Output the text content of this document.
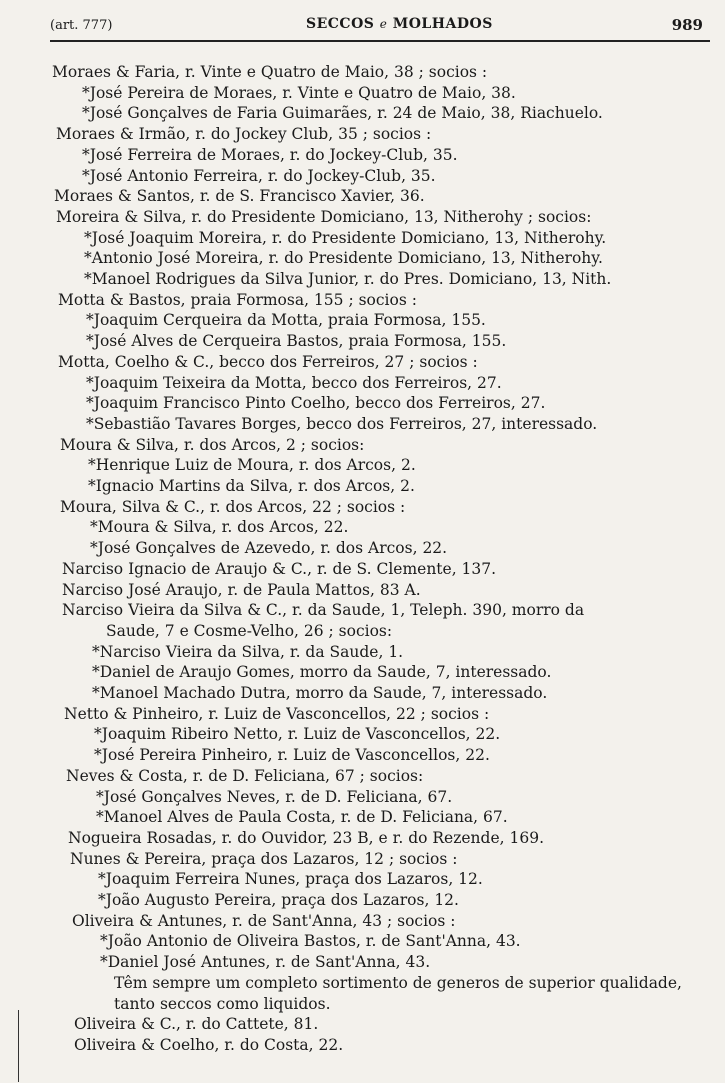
(art. 777)	SECCOS e MOLHADOS	989
Moraes & Faria, r. Vinte e Quatro de Maio, 38 ; socios :
*José Pereira de Moraes, r. Vinte e Quatro de Maio, 38.
*José Gonçalves de Faria Guimarães, r. 24 de Maio, 38, Riachuelo.
Moraes & Irmão, r. do Jockey Club, 35 ; socios :
*José Ferreira de Moraes, r. do Jockey-Club, 35.
*José Antonio Ferreira, r. do Jockey-Club, 35.
Moraes & Santos, r. de S. Francisco Xavier, 36.
Moreira & Silva, r. do Presidente Domiciano, 13, Nitherohy ; socios:
*José Joaquim Moreira, r. do Presidente Domiciano, 13, Nitherohy.
*Antonio José Moreira, r. do Presidente Domiciano, 13, Nitherohy.
*Manoel Rodrigues da Silva Junior, r. do Pres. Domiciano, 13, Nith.
Motta & Bastos, praia Formosa, 155 ; socios :
*Joaquim Cerqueira da Motta, praia Formosa, 155.
*José Alves de Cerqueira Bastos, praia Formosa, 155.
Motta, Coelho & C., becco dos Ferreiros, 27 ; socios :
*Joaquim Teixeira da Motta, becco dos Ferreiros, 27.
*Joaquim Francisco Pinto Coelho, becco dos Ferreiros, 27.
*Sebastião Tavares Borges, becco dos Ferreiros, 27, interessado.
Moura & Silva, r. dos Arcos, 2 ; socios:
*Henrique Luiz de Moura, r. dos Arcos, 2.
*Ignacio Martins da Silva, r. dos Arcos, 2.
Moura, Silva & C., r. dos Arcos, 22 ; socios :
*Moura & Silva, r. dos Arcos, 22.
*José Gonçalves de Azevedo, r. dos Arcos, 22.
Narciso Ignacio de Araujo & C., r. de S. Clemente, 137.
Narciso José Araujo, r. de Paula Mattos, 83 A.
Narciso Vieira da Silva & C., r. da Saude, 1, Teleph. 390, morro da
Saude, 7 e Cosme-Velho, 26 ; socios:
*Narciso Vieira da Silva, r. da Saude, 1.
*Daniel de Araujo Gomes, morro da Saude, 7, interessado.
*Manoel Machado Dutra, morro da Saude, 7, interessado.
Netto & Pinheiro, r. Luiz de Vasconcellos, 22 ; socios :
*Joaquim Ribeiro Netto, r. Luiz de Vasconcellos, 22.
*José Pereira Pinheiro, r. Luiz de Vasconcellos, 22.
Neves & Costa, r. de D. Feliciana, 67 ; socios:
*José Gonçalves Neves, r. de D. Feliciana, 67.
*Manoel Alves de Paula Costa, r. de D. Feliciana, 67.
Nogueira Rosadas, r. do Ouvidor, 23 B, e r. do Rezende, 169.
Nunes & Pereira, praça dos Lazaros, 12 ; socios :
*Joaquim Ferreira Nunes, praça dos Lazaros, 12.
*João Augusto Pereira, praça dos Lazaros, 12.
Oliveira & Antunes, r. de Sant'Anna, 43 ; socios :
*João Antonio de Oliveira Bastos, r. de Sant'Anna, 43.
*Daniel José Antunes, r. de Sant'Anna, 43.
Têm sempre um completo sortimento de generos de superior qualidade,
tanto seccos como liquidos.
Oliveira & C., r. do Cattete, 81.
Oliveira & Coelho, r. do Costa, 22.
